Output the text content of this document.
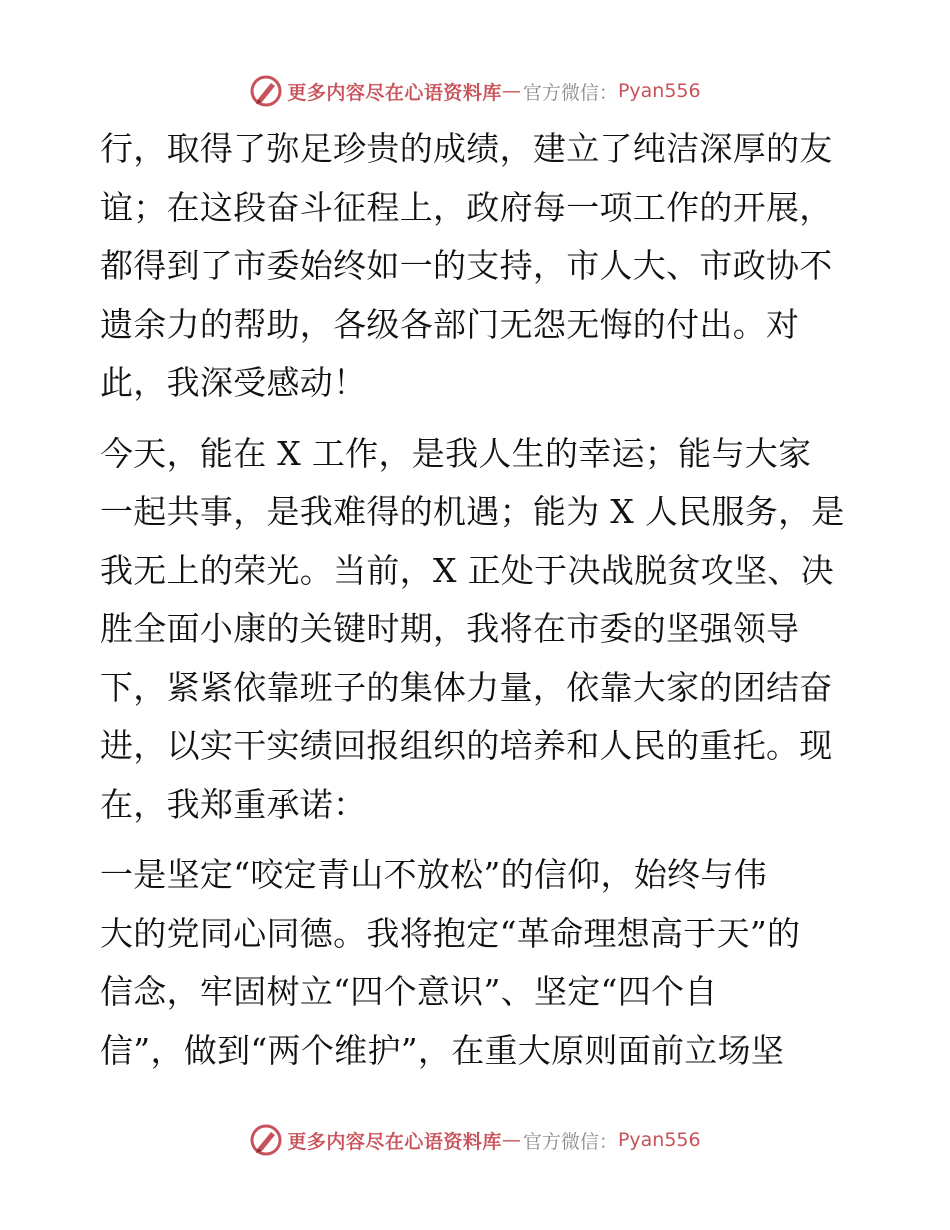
更多内容尽在心语资料库 — 官方微信： Pyan556

行，取得了弥足珍贵的成绩，建立了纯洁深厚的友

谊；在这段奋斗征程上，政府每一项工作的开展，

都得到了市委始终如一的支持，市人大、市政协不

遗余力的帮助，各级各部门无怨无悔的付出。对

此，我深受感动！

今天，能在 X 工作，是我人生的幸运；能与大家

一起共事，是我难得的机遇；能为 X 人民服务，是

我无上的荣光。当前，X 正处于决战脱贫攻坚、决

胜全面小康的关键时期，我将在市委的坚强领导

下，紧紧依靠班子的集体力量，依靠大家的团结奋

进，以实干实绩回报组织的培养和人民的重托。现

在，我郑重承诺：

一是坚定“咬定青山不放松”的信仰，始终与伟

大的党同心同德。我将抱定“革命理想高于天”的

信念，牢固树立“四个意识”、坚定“四个自

信”，做到“两个维护”，在重大原则面前立场坚

更多内容尽在心语资料库 — 官方微信： Pyan556
